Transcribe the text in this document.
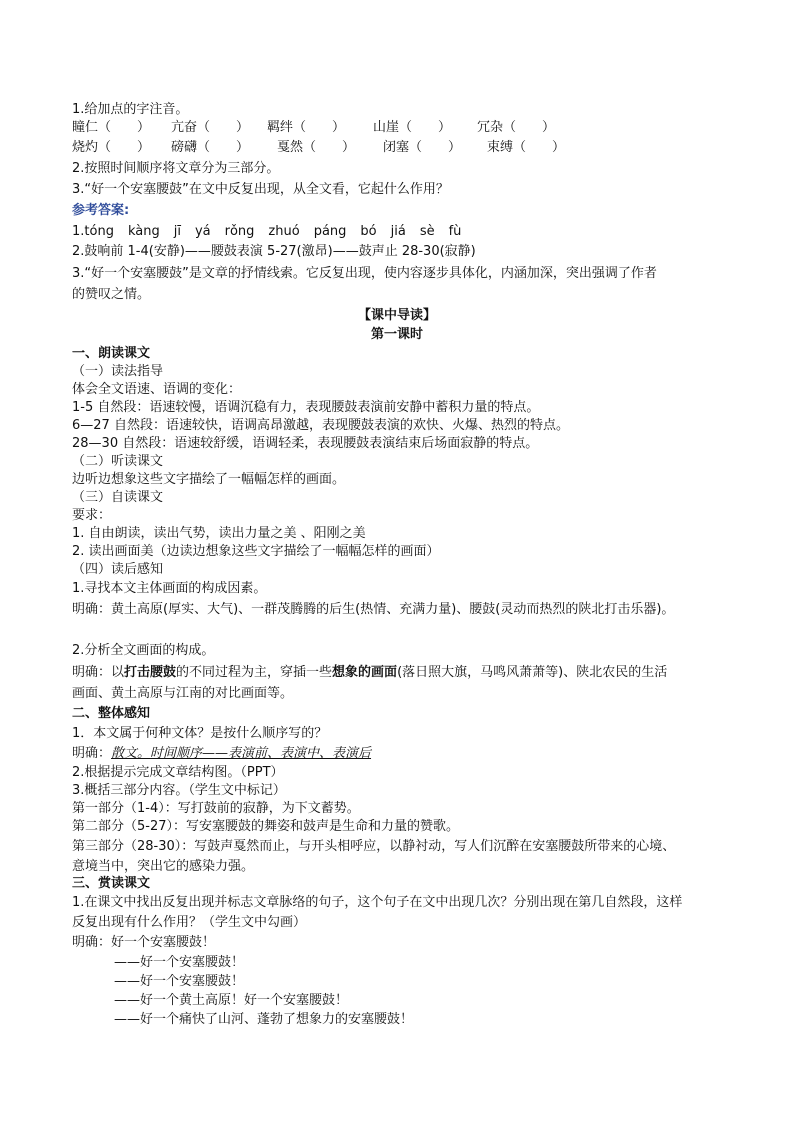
1.给加点的字注音。
瞳仁（　　） 亢奋（　　） 羁绊（　　） 山崖（　　） 冗杂（　　）
烧灼（　　） 磅礴（　　） 戛然（　　） 闭塞（　　） 束缚（　　）
2.按照时间顺序将文章分为三部分。
3.“好一个安塞腰鼓”在文中反复出现，从全文看，它起什么作用？
参考答案:
1.tóng kàng jī yá rǒng zhuó páng bó jiá sè fù
2.鼓响前 1-4(安静)——腰鼓表演 5-27(激昂)——鼓声止 28-30(寂静)
3.“好一个安塞腰鼓”是文章的抒情线索。它反复出现，使内容逐步具体化，内涵加深，突出强调了作者
的赞叹之情。
【课中导读】
第一课时
一、朗读课文
（一）读法指导
体会全文语速、语调的变化：
1-5 自然段：语速较慢，语调沉稳有力，表现腰鼓表演前安静中蓄积力量的特点。
6—27 自然段：语速较快，语调高昂激越，表现腰鼓表演的欢快、火爆、热烈的特点。
28—30 自然段：语速较舒缓，语调轻柔，表现腰鼓表演结束后场面寂静的特点。
（二）听读课文
边听边想象这些文字描绘了一幅幅怎样的画面。
（三）自读课文
要求：
1. 自由朗读，读出气势，读出力量之美 、阳刚之美
2. 读出画面美（边读边想象这些文字描绘了一幅幅怎样的画面）
（四）读后感知
1.寻找本文主体画面的构成因素。
明确：黄土高原(厚实、大气)、一群茂腾腾的后生(热情、充满力量)、腰鼓(灵动而热烈的陕北打击乐器)。
2.分析全文画面的构成。
明确：以打击腰鼓的不同过程为主，穿插一些想象的画面(落日照大旗，马鸣风萧萧等)、陕北农民的生活
画面、黄土高原与江南的对比画面等。
二、整体感知
1．本文属于何种文体？是按什么顺序写的？
明确：散文。时间顺序——表演前、表演中、表演后
2.根据提示完成文章结构图。（PPT）
3.概括三部分内容。（学生文中标记）
第一部分（1-4）：写打鼓前的寂静，为下文蓄势。
第二部分（5-27）：写安塞腰鼓的舞姿和鼓声是生命和力量的赞歌。
第三部分（28-30）：写鼓声戛然而止，与开头相呼应，以静衬动，写人们沉醉在安塞腰鼓所带来的心境、
意境当中，突出它的感染力强。
三、赏读课文
1.在课文中找出反复出现并标志文章脉络的句子，这个句子在文中出现几次？分别出现在第几自然段，这样
反复出现有什么作用？（学生文中勾画）
明确：好一个安塞腰鼓！
——好一个安塞腰鼓！
——好一个安塞腰鼓！
——好一个黄土高原！好一个安塞腰鼓！
——好一个痛快了山河、蓬勃了想象力的安塞腰鼓！
